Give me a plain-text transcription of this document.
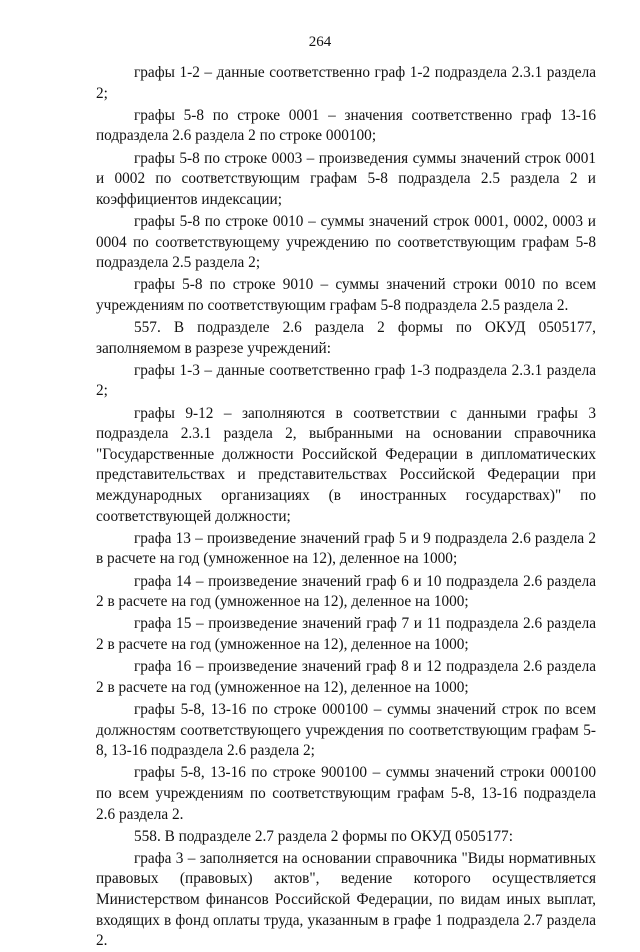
264

графы 1-2 – данные соответственно граф 1-2 подраздела 2.3.1 раздела 2;

графы 5-8 по строке 0001 – значения соответственно граф 13-16 подраздела 2.6 раздела 2 по строке 000100;

графы 5-8 по строке 0003 – произведения суммы значений строк 0001 и 0002 по соответствующим графам 5-8 подраздела 2.5 раздела 2 и коэффициентов индексации;

графы 5-8 по строке 0010 – суммы значений строк 0001, 0002, 0003 и 0004 по соответствующему учреждению по соответствующим графам 5-8 подраздела 2.5 раздела 2;

графы 5-8 по строке 9010 – суммы значений строки 0010 по всем учреждениям по соответствующим графам 5-8 подраздела 2.5 раздела 2.

557. В подразделе 2.6 раздела 2 формы по ОКУД 0505177, заполняемом в разрезе учреждений:

графы 1-3 – данные соответственно граф 1-3 подраздела 2.3.1 раздела 2;

графы 9-12 – заполняются в соответствии с данными графы 3 подраздела 2.3.1 раздела 2, выбранными на основании справочника "Государственные должности Российской Федерации в дипломатических представительствах и представительствах Российской Федерации при международных организациях (в иностранных государствах)" по соответствующей должности;

графа 13 – произведение значений граф 5 и 9 подраздела 2.6 раздела 2 в расчете на год (умноженное на 12), деленное на 1000;

графа 14 – произведение значений граф 6 и 10 подраздела 2.6 раздела 2 в расчете на год (умноженное на 12), деленное на 1000;

графа 15 – произведение значений граф 7 и 11 подраздела 2.6 раздела 2 в расчете на год (умноженное на 12), деленное на 1000;

графа 16 – произведение значений граф 8 и 12 подраздела 2.6 раздела 2 в расчете на год (умноженное на 12), деленное на 1000;

графы 5-8, 13-16 по строке 000100 – суммы значений строк по всем должностям соответствующего учреждения по соответствующим графам 5-8, 13-16 подраздела 2.6 раздела 2;

графы 5-8, 13-16 по строке 900100 – суммы значений строки 000100 по всем учреждениям по соответствующим графам 5-8, 13-16 подраздела 2.6 раздела 2.

558. В подразделе 2.7 раздела 2 формы по ОКУД 0505177:

графа 3 – заполняется на основании справочника "Виды нормативных правовых (правовых) актов", ведение которого осуществляется Министерством финансов Российской Федерации, по видам иных выплат, входящих в фонд оплаты труда, указанным в графе 1 подраздела 2.7 раздела 2.
